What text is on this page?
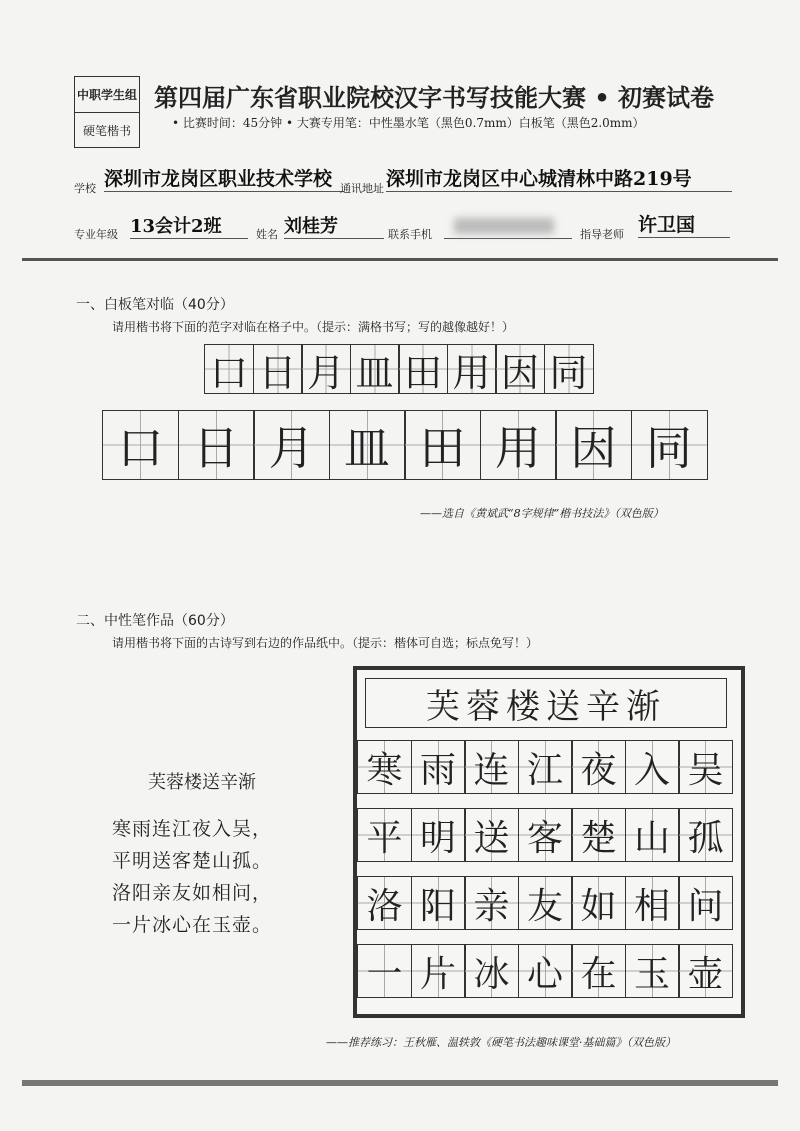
中职学生组
硬笔楷书
第四届广东省职业院校汉字书写技能大赛 • 初赛试卷
• 比赛时间：45分钟 • 大赛专用笔：中性墨水笔（黑色0.7mm）白板笔（黑色2.0mm）
学校 深圳市龙岗区职业技术学校 通讯地址 深圳市龙岗区中心城清林中路219号
专业年级 13会计2班	姓名 刘桂芳	联系手机	指导老师 许卫国
一、白板笔对临（40分）
请用楷书将下面的范字对临在格子中。（提示：满格书写；写的越像越好！）
口 日 月 皿 田 用 因 同
口 日 月 皿 田 用 因 同
——选自《黄斌武“8字规律”楷书技法》（双色版）
二、中性笔作品（60分）
请用楷书将下面的古诗写到右边的作品纸中。（提示：楷体可自选；标点免写！）
芙蓉楼送辛渐
寒雨连江夜入吴，
平明送客楚山孤。
洛阳亲友如相问，
一片冰心在玉壶。
芙蓉楼送辛渐
寒 雨 连 江 夜 入 吴
平 明 送 客 楚 山 孤
洛 阳 亲 友 如 相 问
一 片 冰 心 在 玉 壶
——推荐练习：王秋雁、温轶敦《硬笔书法趣味课堂·基础篇》（双色版）
